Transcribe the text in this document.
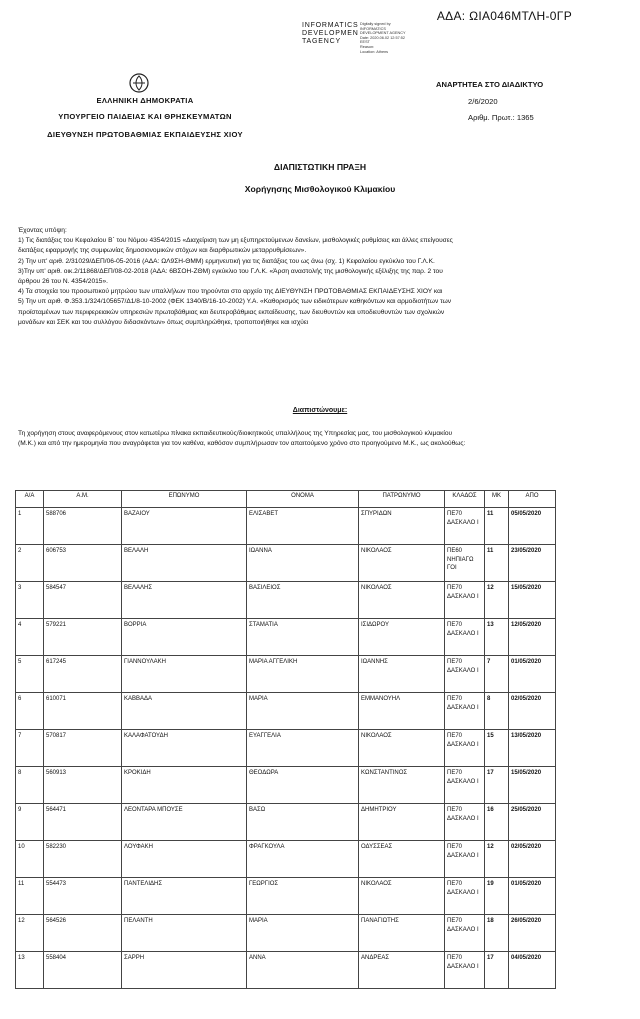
ΑΔΑ: ΩΙΑ046ΜΤΛΗ-0ΓΡ
INFORMATICS
DEVELOPMEN
TAGENCY
Digitally signed by
INFORMATICS
DEVELOPMENT AGENCY
Date: 2020.06.02 12:57:52
EEST
Reason:
Location: Athens
ΕΛΛΗΝΙΚΗ ΔΗΜΟΚΡΑΤΙΑ
ΥΠΟΥΡΓΕΙΟ ΠΑΙΔΕΙΑΣ ΚΑΙ ΘΡΗΣΚΕΥΜΑΤΩΝ
ΔΙΕΥΘΥΝΣΗ ΠΡΩΤΟΒΑΘΜΙΑΣ ΕΚΠΑΙΔΕΥΣΗΣ ΧΙΟΥ
ΑΝΑΡΤΗΤΕΑ ΣΤΟ ΔΙΑΔΙΚΤΥΟ
2/6/2020
Αριθμ. Πρωτ.: 1365
ΔΙΑΠΙΣΤΩΤΙΚΗ ΠΡΑΞΗ
Χορήγησης Μισθολογικού Κλιμακίου

Έχοντας υπόψη:

1) Τις διατάξεις του Κεφαλαίου Β΄ του Νόμου 4354/2015 «Διαχείριση των μη εξυπηρετούμενων δανείων, μισθολογικές ρυθμίσεις και άλλες επείγουσες διατάξεις εφαρμογής της συμφωνίας δημοσιονομικών στόχων και διαρθρωτικών μεταρρυθμίσεων».

2) Την υπ' αριθ. 2/31029/ΔΕΠ/06-05-2016 (ΑΔΑ: ΩΛ9ΣΗ-ΘΜΜ) ερμηνευτική για τις διατάξεις του ως άνω (σχ. 1) Κεφαλαίου εγκύκλιο του Γ.Λ.Κ.

3)Την υπ' αριθ. οικ.2/11868/ΔΕΠ/08-02-2018 (ΑΔΑ: 6ΒΣΟΗ-ΖΘΜ) εγκύκλιο του Γ.Λ.Κ. «Άρση αναστολής της μισθολογικής εξέλιξης της παρ. 2 του άρθρου 26 του Ν. 4354/2015».

4) Τα στοιχεία του προσωπικού μητρώου των υπαλλήλων που τηρούνται στο αρχείο της ΔΙΕΥΘΥΝΣΗ ΠΡΩΤΟΒΑΘΜΙΑΣ ΕΚΠΑΙΔΕΥΣΗΣ ΧΙΟΥ και

5) Την υπ αριθ. Φ.353.1/324/105657/Δ1/8-10-2002 (ΦΕΚ 1340/Β/16-10-2002) Υ.Α. «Καθορισμός των ειδικότερων καθηκόντων και αρμοδιοτήτων των προϊσταμένων των περιφερειακών υπηρεσιών πρωτοβάθμιας και δευτεροβάθμιας εκπαίδευσης, των διευθυντών και υποδιευθυντών των σχολικών μονάδων και ΣΕΚ και του συλλόγου διδασκόντων» όπως συμπληρώθηκε, τροποποιήθηκε και ισχύει

Διαπιστώνουμε:
Τη χορήγηση στους αναφερόμενους στον κατωτέρω πίνακα εκπαιδευτικούς/διοικητικούς υπαλλήλους της Υπηρεσίας μας, του μισθολογικού κλιμακίου (Μ.Κ.) και από την ημερομηνία που αναγράφεται για τον καθένα, καθόσον συμπλήρωσαν τον απαιτούμενο χρόνο στο προηγούμενο Μ.Κ., ως ακολούθως:
Α/Α	Α.Μ.	ΕΠΩΝΥΜΟ	ΟΝΟΜΑ	ΠΑΤΡΩΝΥΜΟ	ΚΛΑΔΟΣ	ΜΚ	ΑΠΟ
1	588706	ΒΑΖΑΙΟΥ	ΕΛΙΣΑΒΕΤ	ΣΠΥΡΙΔΩΝ	ΠΕ70 ΔΑΣΚΑΛΟ Ι	11	05/05/2020
2	606753	ΒΕΛΑΛΗ	ΙΩΑΝΝΑ	ΝΙΚΟΛΑΟΣ	ΠΕ60 ΝΗΠΙΑΓΩ ΓΟΙ	11	23/05/2020
3	584547	ΒΕΛΑΛΗΣ	ΒΑΣΙΛΕΙΟΣ	ΝΙΚΟΛΑΟΣ	ΠΕ70 ΔΑΣΚΑΛΟ Ι	12	15/05/2020
4	579221	ΒΟΡΡΙΑ	ΣΤΑΜΑΤΙΑ	ΙΣΙΔΩΡΟΥ	ΠΕ70 ΔΑΣΚΑΛΟ Ι	13	12/05/2020
5	617245	ΓΙΑΝΝΟΥΛΑΚΗ	ΜΑΡΙΑ ΑΓΓΕΛΙΚΗ	ΙΩΑΝΝΗΣ	ΠΕ70 ΔΑΣΚΑΛΟ Ι	7	01/05/2020
6	610071	ΚΑΒΒΑΔΑ	ΜΑΡΙΑ	ΕΜΜΑΝΟΥΗΛ	ΠΕ70 ΔΑΣΚΑΛΟ Ι	8	02/05/2020
7	570817	ΚΑΛΑΦΑΤΟΥΔΗ	ΕΥΑΓΓΕΛΙΑ	ΝΙΚΟΛΑΟΣ	ΠΕ70 ΔΑΣΚΑΛΟ Ι	15	13/05/2020
8	560913	ΚΡΟΚΙΔΗ	ΘΕΟΔΩΡΑ	ΚΩΝΣΤΑΝΤΙΝΟΣ	ΠΕ70 ΔΑΣΚΑΛΟ Ι	17	15/05/2020
9	564471	ΛΕΟΝΤΑΡΑ ΜΠΟΥΣΕ	ΒΑΣΩ	ΔΗΜΗΤΡΙΟΥ	ΠΕ70 ΔΑΣΚΑΛΟ Ι	16	25/05/2020
10	582230	ΛΟΥΦΑΚΗ	ΦΡΑΓΚΟΥΛΑ	ΟΔΥΣΣΕΑΣ	ΠΕ70 ΔΑΣΚΑΛΟ Ι	12	02/05/2020
11	554473	ΠΑΝΤΕΛΙΔΗΣ	ΓΕΩΡΓΙΟΣ	ΝΙΚΟΛΑΟΣ	ΠΕ70 ΔΑΣΚΑΛΟ Ι	19	01/05/2020
12	564526	ΠΕΛΑΝΤΗ	ΜΑΡΙΑ	ΠΑΝΑΓΙΩΤΗΣ	ΠΕ70 ΔΑΣΚΑΛΟ Ι	18	26/05/2020
13	558404	ΣΑΡΡΗ	ΑΝΝΑ	ΑΝΔΡΕΑΣ	ΠΕ70 ΔΑΣΚΑΛΟ Ι	17	04/05/2020
